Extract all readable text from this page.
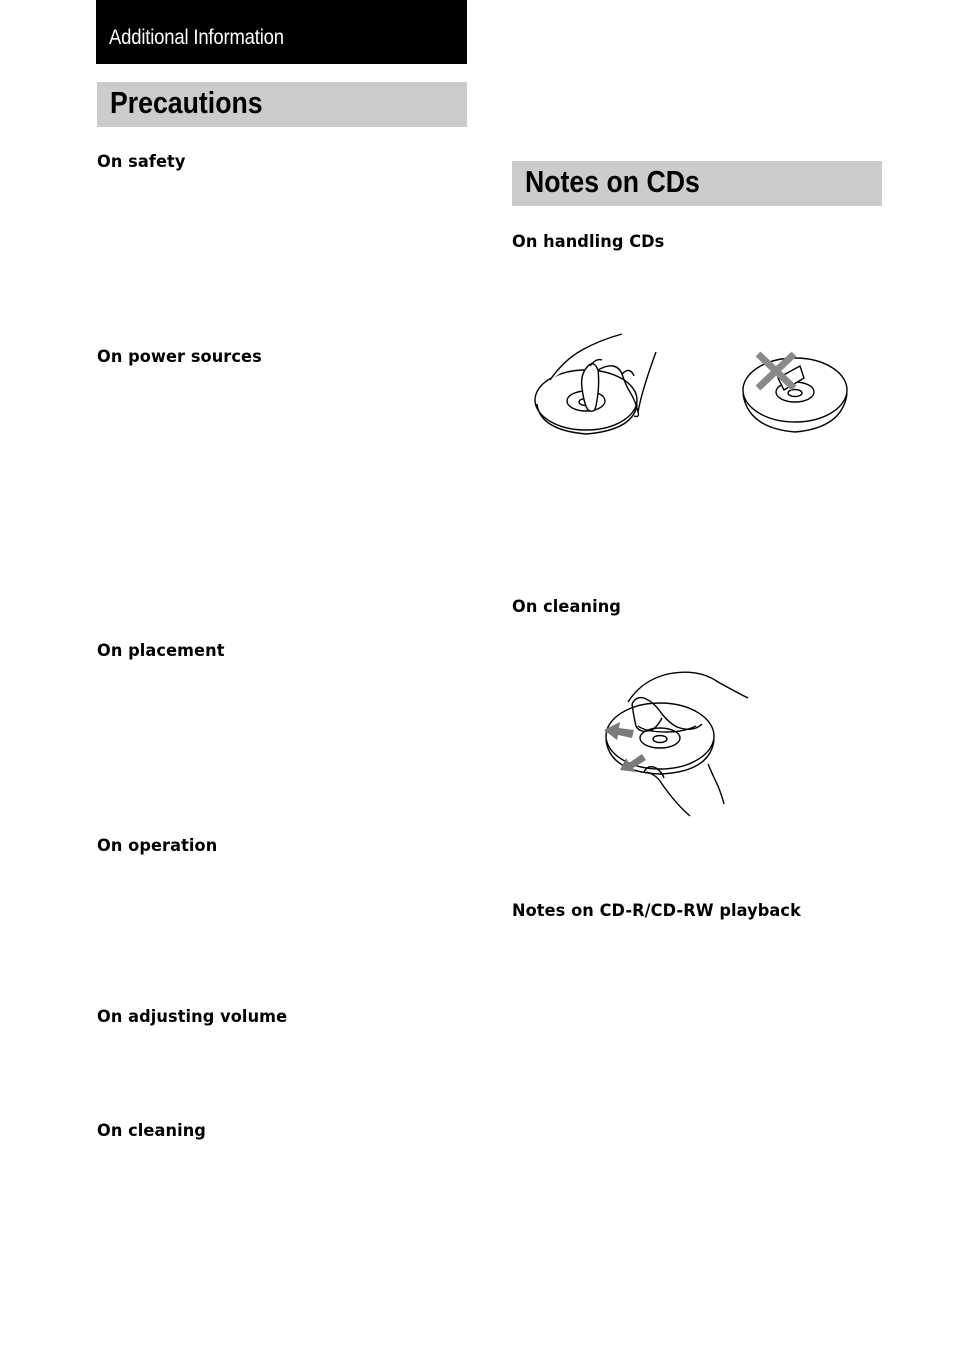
Additional Information
Precautions
On safety
On power sources
On placement
On operation
On adjusting volume
On cleaning
Notes on CDs
On handling CDs
On cleaning
Notes on CD-R/CD-RW playback
